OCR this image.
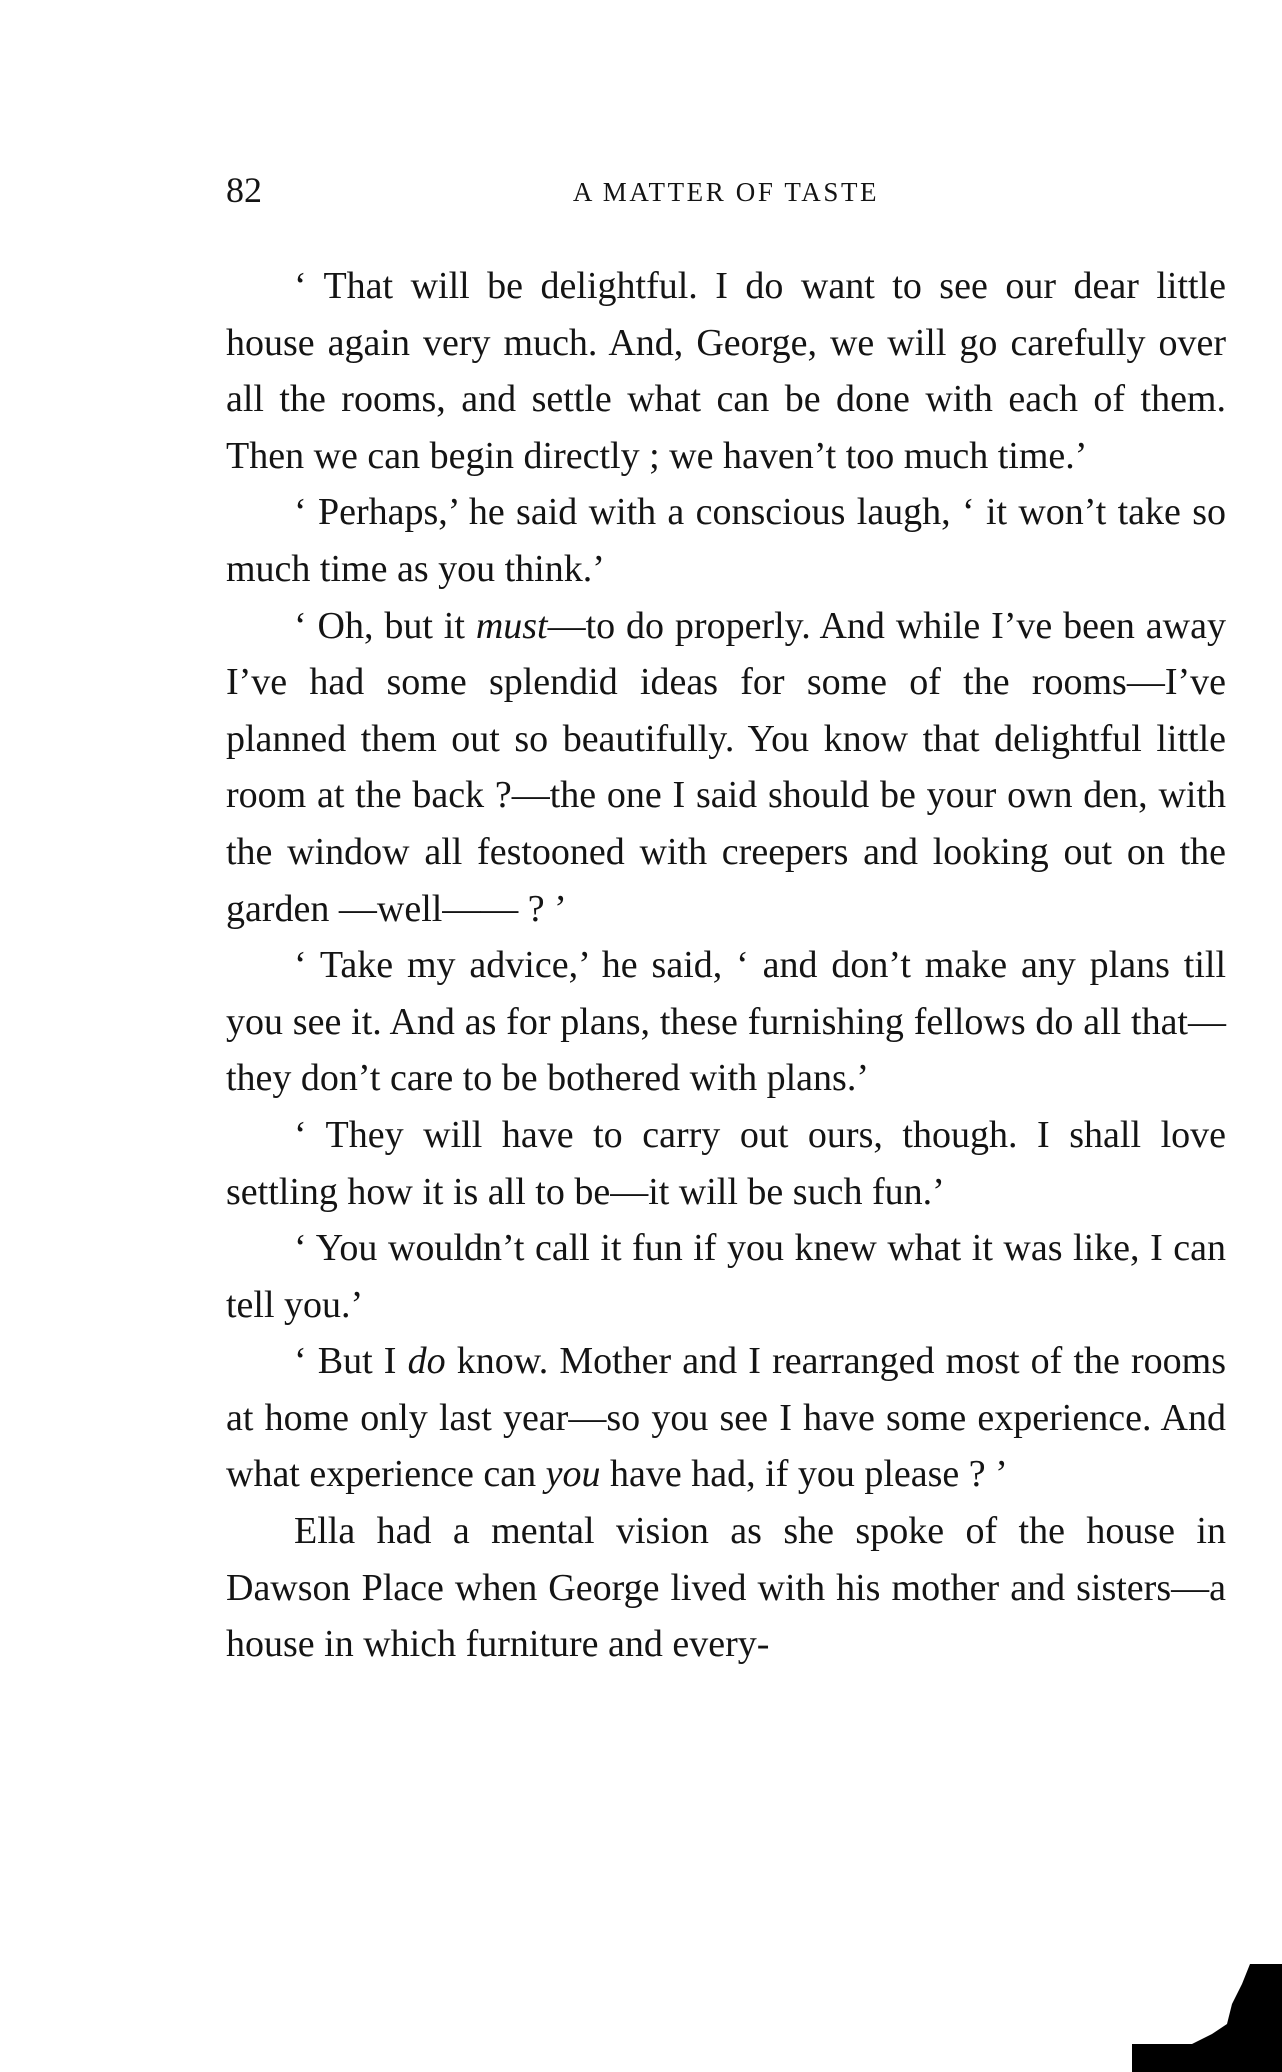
82	A MATTER OF TASTE

‘ That will be delightful. I do want to see our dear little house again very much. And, George, we will go carefully over all the rooms, and settle what can be done with each of them. Then we can begin directly ; we haven’t too much time.’

‘ Perhaps,’ he said with a conscious laugh, ‘ it won’t take so much time as you think.’

‘ Oh, but it must—to do properly. And while I’ve been away I’ve had some splendid ideas for some of the rooms—I’ve planned them out so beautifully. You know that delightful little room at the back ?—the one I said should be your own den, with the window all festooned with creepers and looking out on the garden —well—— ? ’

‘ Take my advice,’ he said, ‘ and don’t make any plans till you see it. And as for plans, these furnishing fellows do all that—they don’t care to be bothered with plans.’

‘ They will have to carry out ours, though. I shall love settling how it is all to be—it will be such fun.’

‘ You wouldn’t call it fun if you knew what it was like, I can tell you.’

‘ But I do know. Mother and I rearranged most of the rooms at home only last year—so you see I have some experience. And what experience can you have had, if you please ? ’

Ella had a mental vision as she spoke of the house in Dawson Place when George lived with his mother and sisters—a house in which furniture and every-
